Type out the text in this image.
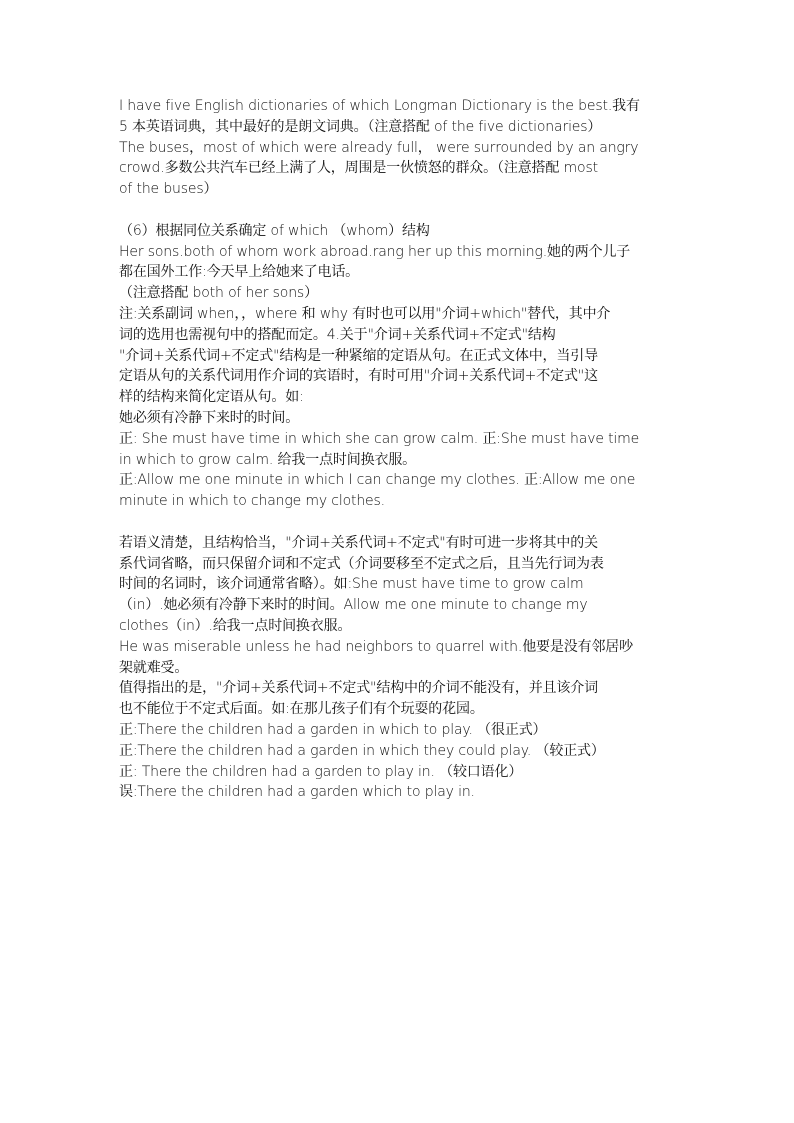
I have five English dictionaries of which Longman Dictionary is the best.我有
5 本英语词典，其中最好的是朗文词典。（注意搭配 of the five dictionaries）
The buses，most of which were already full， were surrounded by an angry
crowd.多数公共汽车已经上满了人，周围是一伙愤怒的群众。（注意搭配 most
of the buses）
（6）根据同位关系确定 of which （whom）结构
Her sons.both of whom work abroad.rang her up this morning.她的两个儿子
都在国外工作:今天早上给她来了电话。
（注意搭配 both of her sons）
注:关系副词 when，，where 和 why 有时也可以用"介词+which"替代，其中介
词的选用也需视句中的搭配而定。4.关于"介词+关系代词+不定式"结构
"介词+关系代词+不定式"结构是一种紧缩的定语从句。在正式文体中，当引导
定语从句的关系代词用作介词的宾语时，有时可用"介词+关系代词+不定式"这
样的结构来简化定语从句。如:
她必须有冷静下来时的时间。
正: She must have time in which she can grow calm. 正:She must have time
in which to grow calm. 给我一点时间换衣服。
正:Allow me one minute in which I can change my clothes. 正:Allow me one
minute in which to change my clothes.
若语义清楚，且结构恰当，"介词+关系代词+不定式"有时可进一步将其中的关
系代词省略，而只保留介词和不定式（介词要移至不定式之后，且当先行词为表
时间的名词时，该介词通常省略）。如:She must have time to grow calm
（in）.她必须有冷静下来时的时间。Allow me one minute to change my
clothes（in）.给我一点时间换衣服。
He was miserable unless he had neighbors to quarrel with.他要是没有邻居吵
架就难受。
值得指出的是，"介词+关系代词+不定式"结构中的介词不能没有，并且该介词
也不能位于不定式后面。如:在那儿孩子们有个玩耍的花园。
正:There the children had a garden in which to play. （很正式）
正:There the children had a garden in which they could play. （较正式）
正: There the children had a garden to play in. （较口语化）
误:There the children had a garden which to play in.
